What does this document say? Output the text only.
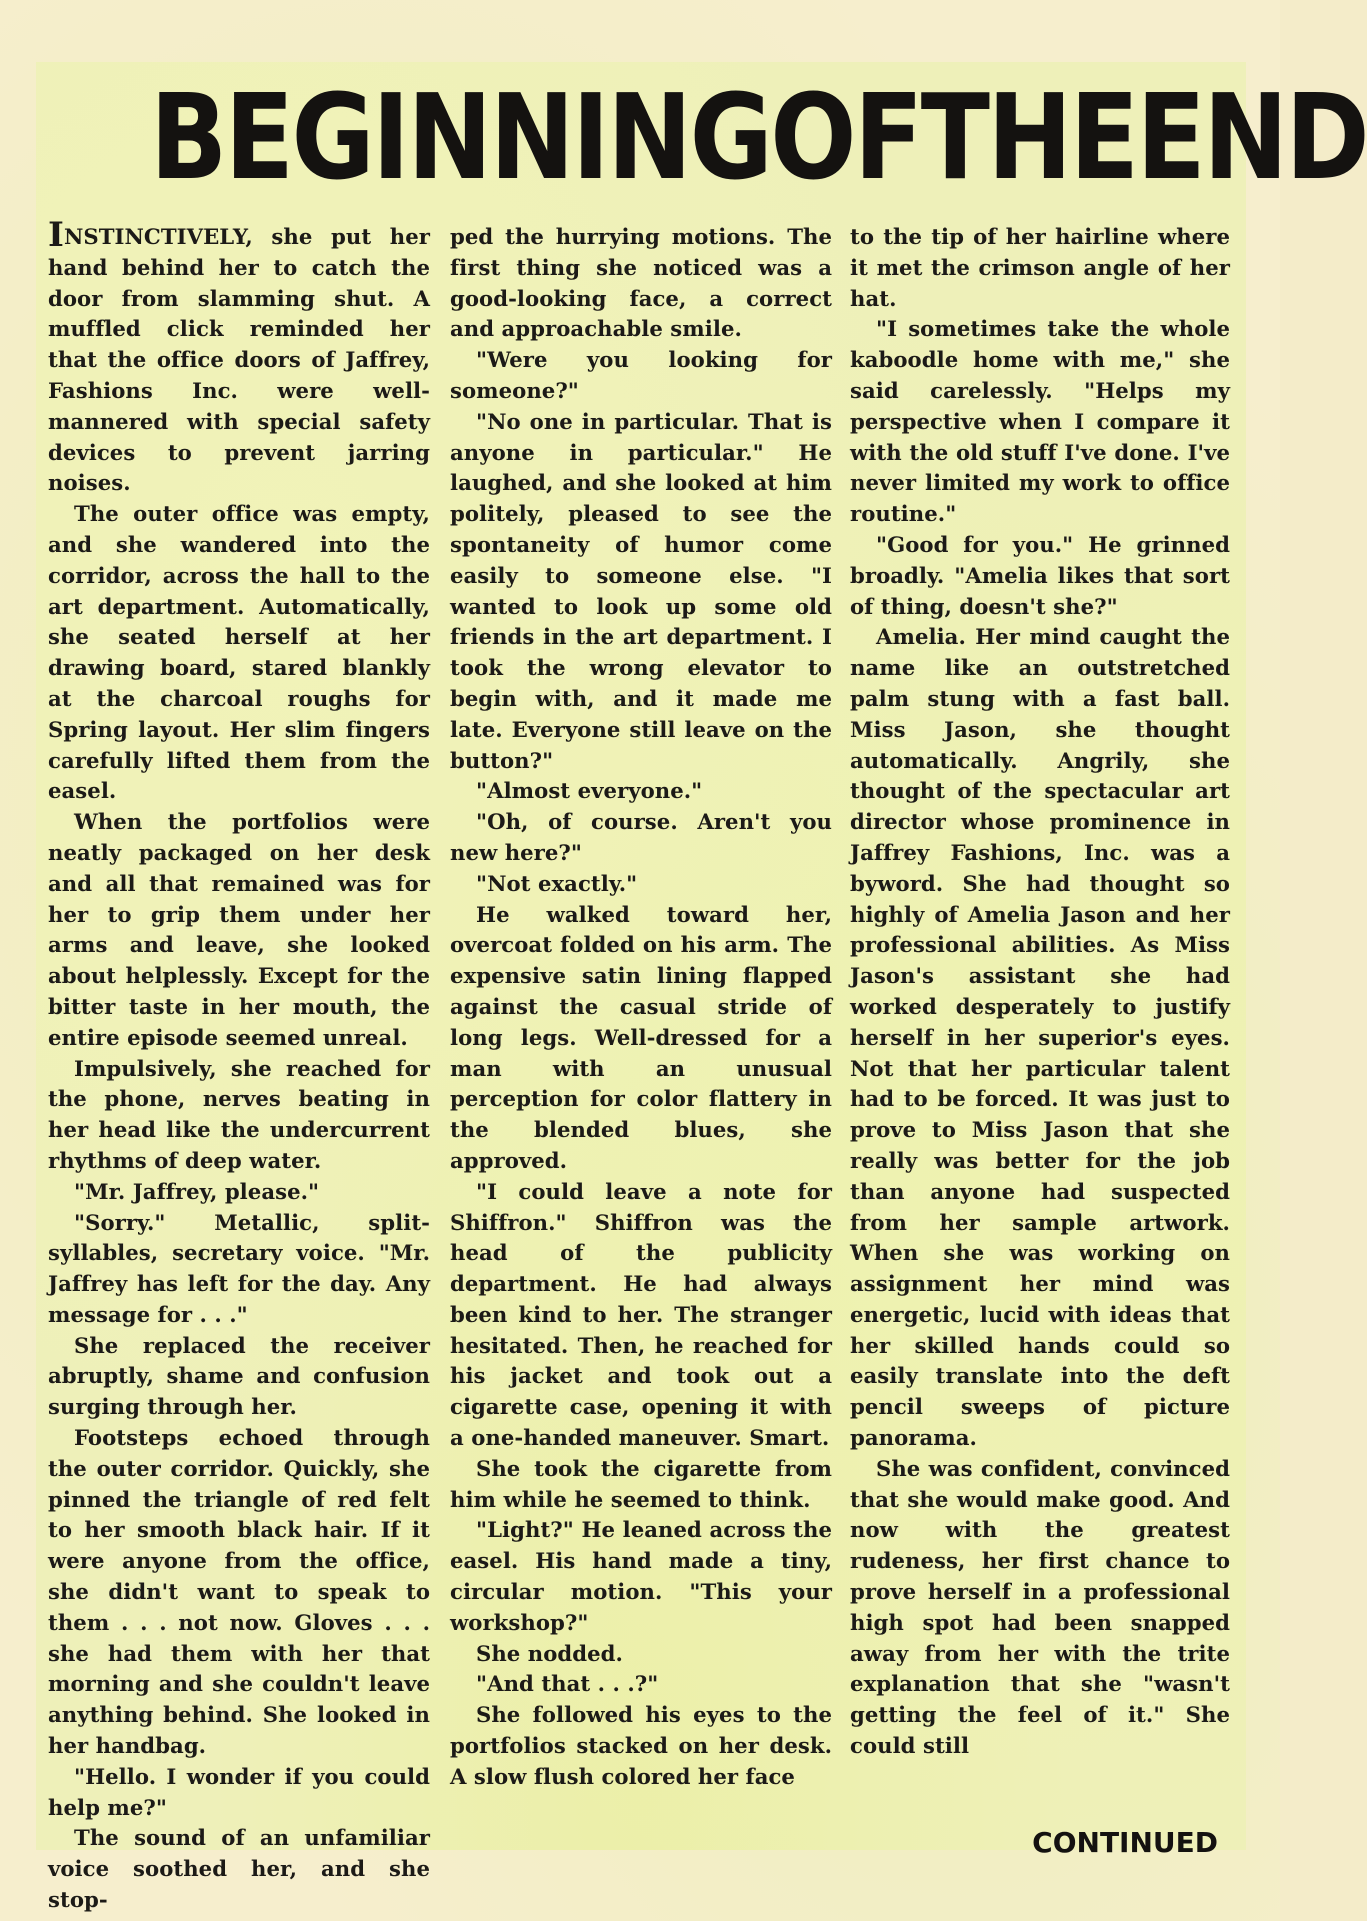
BEGINNING OF THE END

INSTINCTIVELY, she put her hand behind her to catch the door from slamming shut. A muffled click reminded her that the office doors of Jaffrey, Fashions Inc. were well-mannered with special safety devices to prevent jarring noises.

The outer office was empty, and she wandered into the corridor, across the hall to the art department. Automatically, she seated herself at her drawing board, stared blankly at the charcoal roughs for Spring layout. Her slim fingers carefully lifted them from the easel.

When the portfolios were neatly packaged on her desk and all that remained was for her to grip them under her arms and leave, she looked about helplessly. Except for the bitter taste in her mouth, the entire episode seemed unreal.

Impulsively, she reached for the phone, nerves beating in her head like the undercurrent rhythms of deep water.

"Mr. Jaffrey, please."

"Sorry." Metallic, split-syllables, secretary voice. "Mr. Jaffrey has left for the day. Any message for . . ."

She replaced the receiver abruptly, shame and confusion surging through her.

Footsteps echoed through the outer corridor. Quickly, she pinned the triangle of red felt to her smooth black hair. If it were anyone from the office, she didn't want to speak to them . . . not now. Gloves . . . she had them with her that morning and she couldn't leave anything behind. She looked in her handbag.

"Hello. I wonder if you could help me?"

The sound of an unfamiliar voice soothed her, and she stop-

ped the hurrying motions. The first thing she noticed was a good-looking face, a correct and approachable smile.

"Were you looking for someone?"

"No one in particular. That is anyone in particular." He laughed, and she looked at him politely, pleased to see the spontaneity of humor come easily to someone else. "I wanted to look up some old friends in the art department. I took the wrong elevator to begin with, and it made me late. Everyone still leave on the button?"

"Almost everyone."

"Oh, of course. Aren't you new here?"

"Not exactly."

He walked toward her, overcoat folded on his arm. The expensive satin lining flapped against the casual stride of long legs. Well-dressed for a man with an unusual perception for color flattery in the blended blues, she approved.

"I could leave a note for Shiffron." Shiffron was the head of the publicity department. He had always been kind to her. The stranger hesitated. Then, he reached for his jacket and took out a cigarette case, opening it with a one-handed maneuver. Smart.

She took the cigarette from him while he seemed to think.

"Light?" He leaned across the easel. His hand made a tiny, circular motion. "This your workshop?"

She nodded.

"And that . . .?"

She followed his eyes to the portfolios stacked on her desk. A slow flush colored her face

to the tip of her hairline where it met the crimson angle of her hat.

"I sometimes take the whole kaboodle home with me," she said carelessly. "Helps my perspective when I compare it with the old stuff I've done. I've never limited my work to office routine."

"Good for you." He grinned broadly. "Amelia likes that sort of thing, doesn't she?"

Amelia. Her mind caught the name like an outstretched palm stung with a fast ball. Miss Jason, she thought automatically. Angrily, she thought of the spectacular art director whose prominence in Jaffrey Fashions, Inc. was a byword. She had thought so highly of Amelia Jason and her professional abilities. As Miss Jason's assistant she had worked desperately to justify herself in her superior's eyes. Not that her particular talent had to be forced. It was just to prove to Miss Jason that she really was better for the job than anyone had suspected from her sample artwork. When she was working on assignment her mind was energetic, lucid with ideas that her skilled hands could so easily translate into the deft pencil sweeps of picture panorama.

She was confident, convinced that she would make good. And now with the greatest rudeness, her first chance to prove herself in a professional high spot had been snapped away from her with the trite explanation that she "wasn't getting the feel of it." She could still

CONTINUED
